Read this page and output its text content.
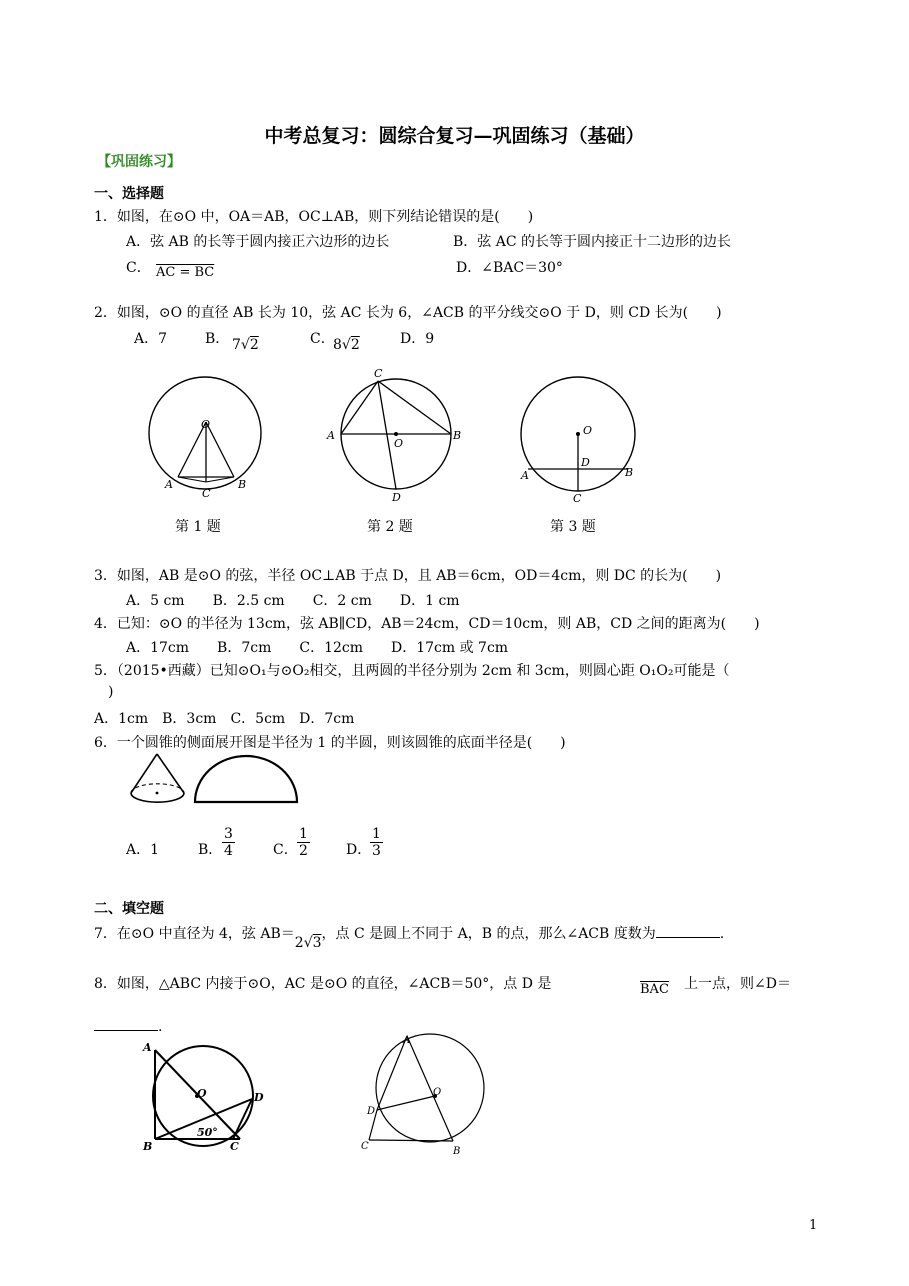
中考总复习：圆综合复习—巩固练习（基础）
【巩固练习】
一、选择题
1．如图，在⊙O 中，OA＝AB，OC⊥AB，则下列结论错误的是(　　)
A．弦 AB 的长等于圆内接正六边形的边长	B．弦 AC 的长等于圆内接正十二边形的边长
C． AC = BC	D．∠BAC＝30°
2．如图，⊙O 的直径 AB 长为 10，弦 AC 长为 6，∠ACB 的平分线交⊙O 于 D，则 CD 长为(　　)
A．7	B． 7√2	C．
8√2	D．9
O
A	B
C
C
A	B
O
D
O
D
A	B
C
第 1 题	第 2 题	第 3 题
3．如图，AB 是⊙O 的弦，半径 OC⊥AB 于点 D，且 AB＝6cm，OD＝4cm，则 DC 的长为(　　)
A．5 cm　　B．2.5 cm　　C．2 cm　　D．1 cm
4．已知：⊙O 的半径为 13cm，弦 AB∥CD，AB＝24cm，CD＝10cm，则 AB，CD 之间的距离为(　　)
A．17cm　　B．7cm　　C．12cm　　D．17cm 或 7cm
5．（2015•西藏）已知⊙O₁与⊙O₂相交，且两圆的半径分别为 2cm 和 3cm，则圆心距 O₁O₂可能是（
)
A．1cm　B．3cm　C．5cm　D．7cm
6．一个圆锥的侧面展开图是半径为 1 的半圆，则该圆锥的底面半径是(　　)
A．1	B． $\frac{3}{4}$	C． $\frac{1}{2}$	D．
$\frac{1}{3}$
二、填空题
7．在⊙O 中直径为 4，弦 AB＝2√3，点 C 是圆上不同于 A，B 的点，那么∠ACB 度数为	.
8．如图，△ABC 内接于⊙O，AC 是⊙O 的直径，∠ACB＝50°，点 D 是	$\overline{BAC}$ 上一点，则∠D＝
.
A
O	D
B	C
50°
A
D
O
C	B
1
